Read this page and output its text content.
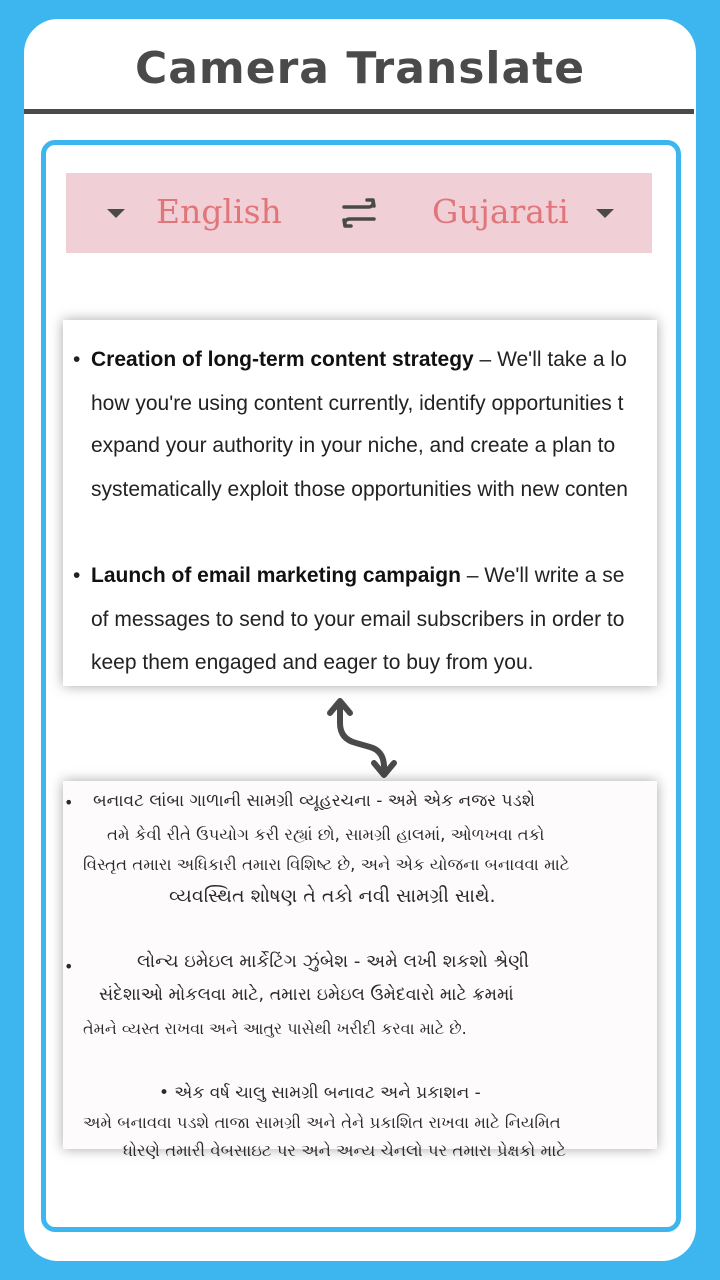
Camera Translate
English	Gujarati

• Creation of long-term content strategy – We'll take a lo

how you're using content currently, identify opportunities t

expand your authority in your niche, and create a plan to

systematically exploit those opportunities with new conten

• Launch of email marketing campaign – We'll write a se

of messages to send to your email subscribers in order to

keep them engaged and eager to buy from you.

• બનાવટ લાંબા ગાળાની સામગ્રી વ્યૂહરચના - અમે એક નજર પડશે

તમે કેવી રીતે ઉપયોગ કરી રહ્યાં છો, સામગ્રી હાલમાં, ઓળખવા તકો

વિસ્તૃત તમારા અધિકારી તમારા વિશિષ્ટ છે, અને એક યોજના બનાવવા માટે

વ્યવસ્થિત શોષણ તે તકો નવી સામગ્રી સાથે.

•	લોન્ચ ઇમેઇલ માર્કેટિંગ ઝુંબેશ - અમે લખી શકશો શ્રેણી

સંદેશાઓ મોકલવા માટે, તમારા ઇમેઇલ ઉમેદવારો માટે ક્રમમાં

તેમને વ્યસ્ત રાખવા અને આતુર પાસેથી ખરીદી કરવા માટે છે.

• એક વર્ષ ચાલુ સામગ્રી બનાવટ અને પ્રકાશન -

અમે બનાવવા પડશે તાજા સામગ્રી અને તેને પ્રકાશિત રાખવા માટે નિયમિત

ધોરણે તમારી વેબસાઇટ પર અને અન્ય ચેનલો પર તમારા પ્રેક્ષકો માટે
